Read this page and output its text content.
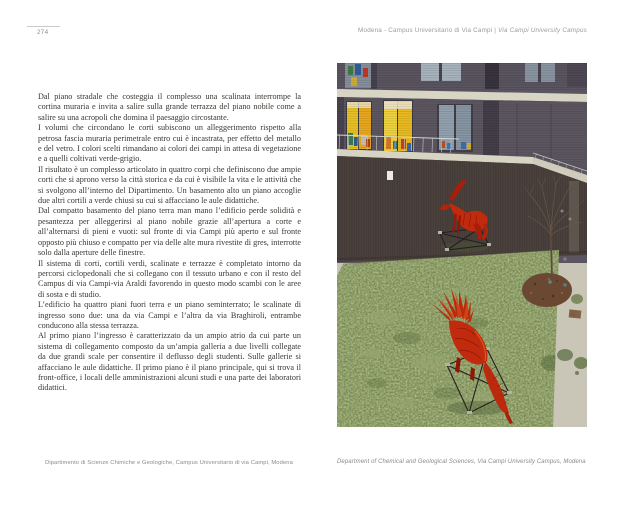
274	Modena - Campus Universitario di Via Campi | Via Campi University Campus

Dal piano stradale che costeggia il complesso una scalinata interrompe la cortina muraria e invita a salire sulla grande terrazza del piano nobile come a salire su una acropoli che domina il paesaggio circostante.

I volumi che circondano le corti subiscono un alleggerimento rispetto alla petrosa fascia muraria perimetrale entro cui è incastrata, per effetto del metallo e del vetro. I colori scelti rimandano ai colori dei campi in attesa di vegetazione e a quelli coltivati verde-grigio.

Il risultato è un complesso articolato in quattro corpi che definiscono due ampie corti che si aprono verso la città storica e da cui è visibile la vita e le attività che si svolgono all’interno del Dipartimento. Un basamento alto un piano accoglie due altri cortili a verde chiusi su cui si affacciano le aule didattiche.

Dal compatto basamento del piano terra man mano l’edificio perde solidità e pesantezza per alleggerirsi al piano nobile grazie all’apertura a corte e all’alternarsi di pieni e vuoti: sul fronte di via Campi più aperto e sul fronte opposto più chiuso e compatto per via delle alte mura rivestite di gres, interrotte solo dalla aperture delle finestre.

Il sistema di corti, cortili verdi, scalinate e terrazze è completato intorno da percorsi ciclopedonali che si collegano con il tessuto urbano e con il resto del Campus di via Campi-via Araldi favorendo in questo modo scambi con le aree di sosta e di studio.

L’edificio ha quattro piani fuori terra e un piano seminterrato; le scalinate di ingresso sono due: una da via Campi e l’altra da via Braghiroli, entrambe conducono alla stessa terrazza.

Al primo piano l’ingresso è caratterizzato da un ampio atrio da cui parte un sistema di collegamento composto da un’ampia galleria a due livelli collegate da due grandi scale per consentire il deflusso degli studenti. Sulle gallerie si affacciano le aule didattiche. Il primo piano è il piano principale, qui si trova il front-office, i locali delle amministrazioni alcuni studi e una parte dei laboratori didattici.

Dipartimento di Scienze Chimiche e Geologiche, Campus Universitario di via Campi, Modena	Department of Chemical and Geological Sciences, Via Campi University Campus, Modena
